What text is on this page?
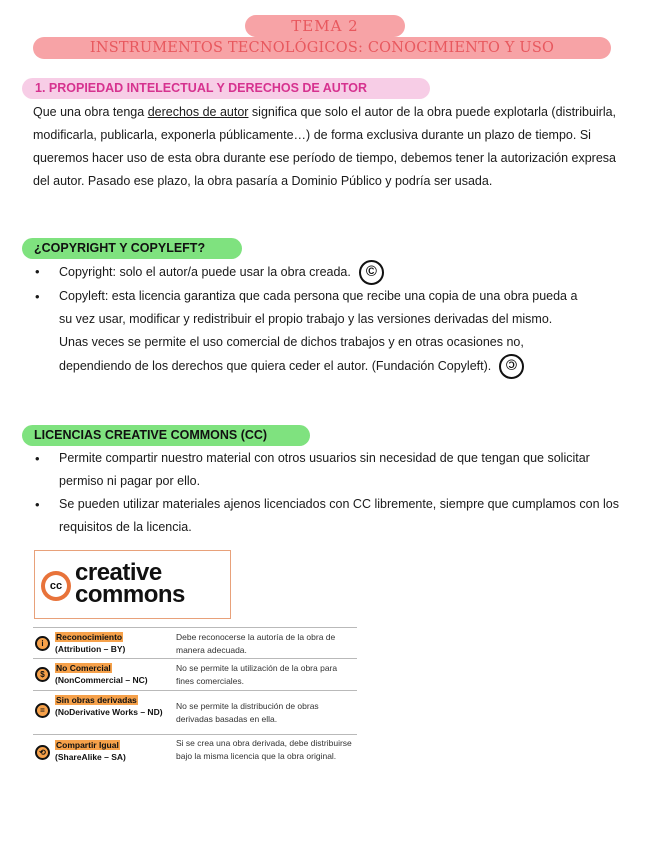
TEMA 2
INSTRUMENTOS TECNOLÓGICOS: CONOCIMIENTO Y USO
1. PROPIEDAD INTELECTUAL Y DERECHOS DE AUTOR

Que una obra tenga derechos de autor significa que solo el autor de la obra puede explotarla (distribuirla, modificarla, publicarla, exponerla públicamente…) de forma exclusiva durante un plazo de tiempo. Si queremos hacer uso de esta obra durante ese período de tiempo, debemos tener la autorización expresa del autor. Pasado ese plazo, la obra pasaría a Dominio Público y podría ser usada.

¿COPYRIGHT Y COPYLEFT?
• Copyright: solo el autor/a puede usar la obra creada. ©
• Copyleft: esta licencia garantiza que cada persona que recibe una copia de una obra pueda a su vez usar, modificar y redistribuir el propio trabajo y las versiones derivadas del mismo. Unas veces se permite el uso comercial de dichos trabajos y en otras ocasiones no, dependiendo de los derechos que quiera ceder el autor. (Fundación Copyleft). ©
LICENCIAS CREATIVE COMMONS (CC)
• Permite compartir nuestro material con otros usuarios sin necesidad de que tengan que solicitar permiso ni pagar por ello.
• Se pueden utilizar materiales ajenos licenciados con CC libremente, siempre que cumplamos con los requisitos de la licencia.
cc creative
commons
i
Reconocimiento
(Attribution – BY)
Debe reconocerse la autoría de la obra de manera adecuada.
$
No Comercial
(NonCommercial – NC)
No se permite la utilización de la obra para fines comerciales.
=
Sin obras derivadas
(NoDerivative Works – ND)
No se permite la distribución de obras derivadas basadas en ella.
⟲
Compartir Igual
(ShareAlike – SA)
Si se crea una obra derivada, debe distribuirse bajo la misma licencia que la obra original.
